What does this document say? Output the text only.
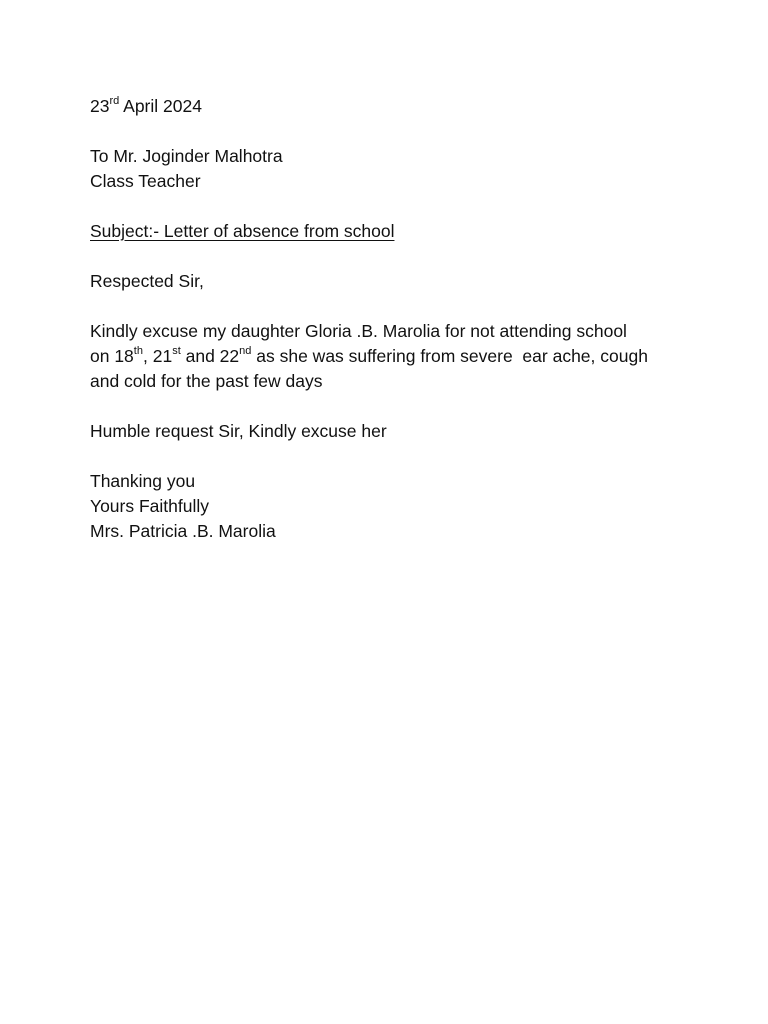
23rd April 2024
To Mr. Joginder Malhotra
Class Teacher
Subject:- Letter of absence from school
Respected Sir,
Kindly excuse my daughter Gloria .B. Marolia for not attending school
on 18th, 21st and 22nd as she was suffering from severe  ear ache, cough
and cold for the past few days
Humble request Sir, Kindly excuse her
Thanking you
Yours Faithfully
Mrs. Patricia .B. Marolia
